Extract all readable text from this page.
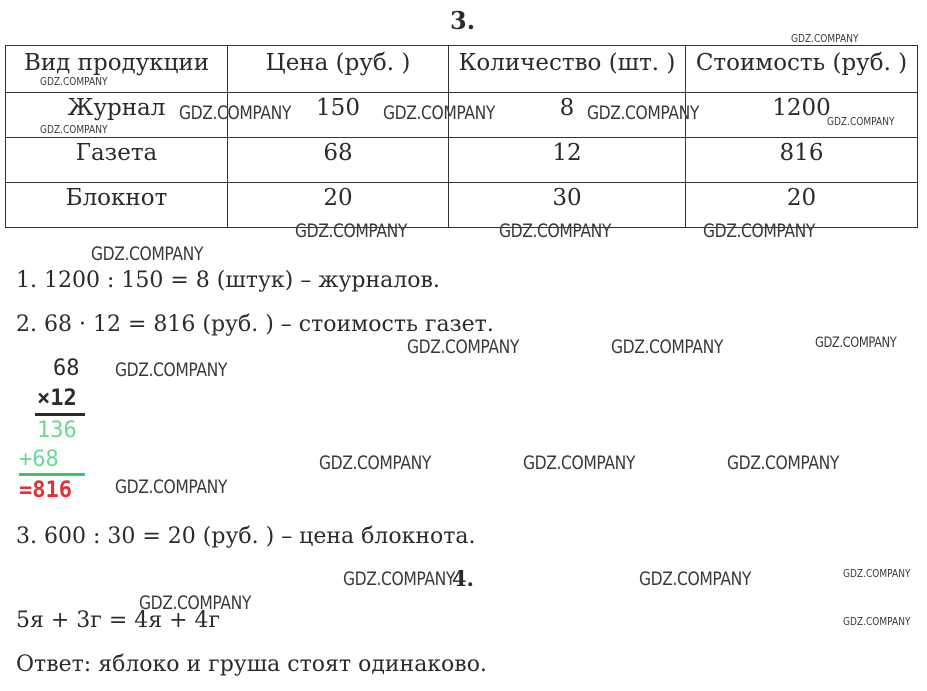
3.
Вид продукции	Цена (руб. )	Количество (шт. )	Стоимость (руб. )
Журнал	150	8	1200
Газета	68	12	816
Блокнот	20	30	20
1. 1200 : 150 = 8 (штук) – журналов.
2. 68 · 12 = 816 (руб. ) – стоимость газет.
68
×12
136
+68
=816
3. 600 : 30 = 20 (руб. ) – цена блокнота.
4.
5я + 3г = 4я + 4г
Ответ: яблоко и груша стоят одинаково.
GDZ.COMPANY
GDZ.COMPANY
GDZ.COMPANY	GDZ.COMPANY	GDZ.COMPANY	GDZ.COMPANY
GDZ.COMPANY
GDZ.COMPANY	GDZ.COMPANY	GDZ.COMPANY
GDZ.COMPANY
GDZ.COMPANY	GDZ.COMPANY	GDZ.COMPANY
GDZ.COMPANY
GDZ.COMPANY	GDZ.COMPANY	GDZ.COMPANY
GDZ.COMPANY
GDZ.COMPANY	GDZ.COMPANY	GDZ.COMPANY
GDZ.COMPANY
GDZ.COMPANY
